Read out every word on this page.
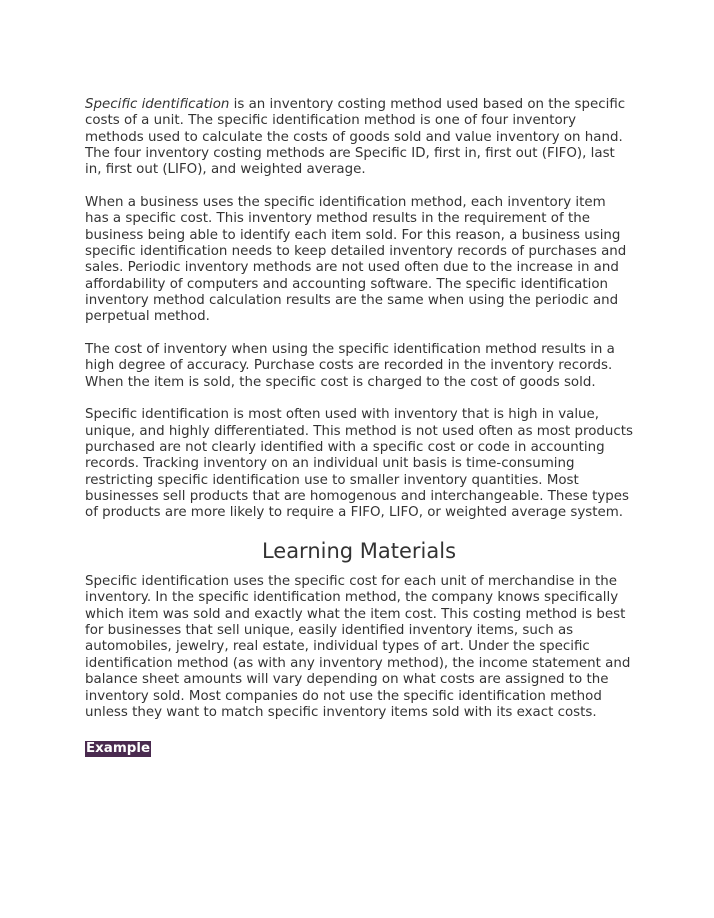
Specific identification is an inventory costing method used based on the specific costs of a unit. The specific identification method is one of four inventory methods used to calculate the costs of goods sold and value inventory on hand. The four inventory costing methods are Specific ID, first in, first out (FIFO), last in, first out (LIFO), and weighted average.

When a business uses the specific identification method, each inventory item has a specific cost. This inventory method results in the requirement of the business being able to identify each item sold. For this reason, a business using specific identification needs to keep detailed inventory records of purchases and sales. Periodic inventory methods are not used often due to the increase in and affordability of computers and accounting software. The specific identification inventory method calculation results are the same when using the periodic and perpetual method.

The cost of inventory when using the specific identification method results in a high degree of accuracy. Purchase costs are recorded in the inventory records. When the item is sold, the specific cost is charged to the cost of goods sold.

Specific identification is most often used with inventory that is high in value, unique, and highly differentiated. This method is not used often as most products purchased are not clearly identified with a specific cost or code in accounting records. Tracking inventory on an individual unit basis is time-consuming restricting specific identification use to smaller inventory quantities. Most businesses sell products that are homogenous and interchangeable. These types of products are more likely to require a FIFO, LIFO, or weighted average system.

Learning Materials

Specific identification uses the specific cost for each unit of merchandise in the inventory. In the specific identification method, the company knows specifically which item was sold and exactly what the item cost. This costing method is best for businesses that sell unique, easily identified inventory items, such as automobiles, jewelry, real estate, individual types of art. Under the specific identification method (as with any inventory method), the income statement and balance sheet amounts will vary depending on what costs are assigned to the inventory sold. Most companies do not use the specific identification method unless they want to match specific inventory items sold with its exact costs.

Example
